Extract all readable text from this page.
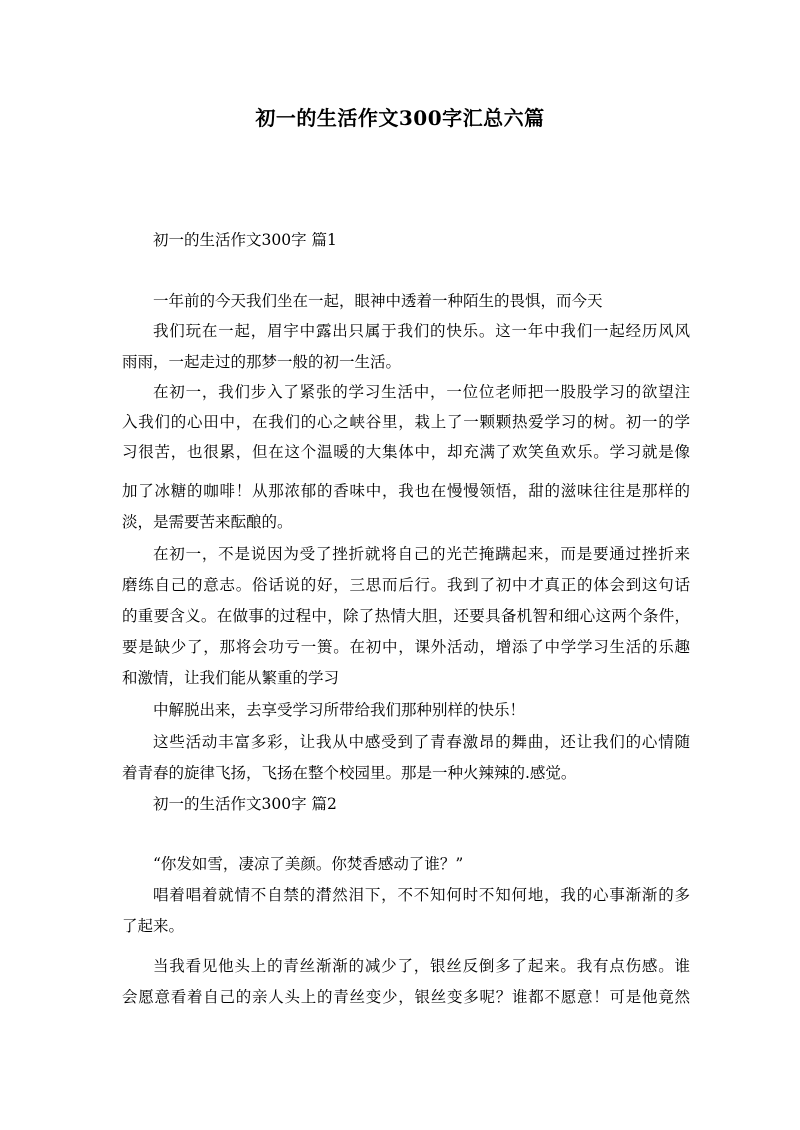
初一的生活作文300字汇总六篇
初一的生活作文300字 篇1
一年前的今天我们坐在一起，眼神中透着一种陌生的畏惧，而今天
我们玩在一起，眉宇中露出只属于我们的快乐。这一年中我们一起经历风风
雨雨，一起走过的那梦一般的初一生活。
在初一，我们步入了紧张的学习生活中，一位位老师把一股股学习的欲望注
入我们的心田中，在我们的心之峡谷里，栽上了一颗颗热爱学习的树。初一的学
习很苦，也很累，但在这个温暖的大集体中，却充满了欢笑鱼欢乐。学习就是像
加了冰糖的咖啡！从那浓郁的香味中，我也在慢慢领悟，甜的滋味往往是那样的
淡，是需要苦来酝酿的。
在初一，不是说因为受了挫折就将自己的光芒掩蹒起来，而是要通过挫折来
磨练自己的意志。俗话说的好，三思而后行。我到了初中才真正的体会到这句话
的重要含义。在做事的过程中，除了热情大胆，还要具备机智和细心这两个条件，
要是缺少了，那将会功亏一篑。在初中，课外活动，增添了中学学习生活的乐趣
和激情，让我们能从繁重的学习
中解脱出来，去享受学习所带给我们那种别样的快乐！
这些活动丰富多彩，让我从中感受到了青春激昂的舞曲，还让我们的心情随
着青春的旋律飞扬，飞扬在整个校园里。那是一种火辣辣的.感觉。
初一的生活作文300字 篇2
“你发如雪，凄凉了美颜。你焚香感动了谁？”
唱着唱着就情不自禁的潸然泪下，不不知何时不知何地，我的心事渐渐的多
了起来。
当我看见他头上的青丝渐渐的减少了，银丝反倒多了起来。我有点伤感。谁
会愿意看着自己的亲人头上的青丝变少，银丝变多呢？谁都不愿意！可是他竟然
